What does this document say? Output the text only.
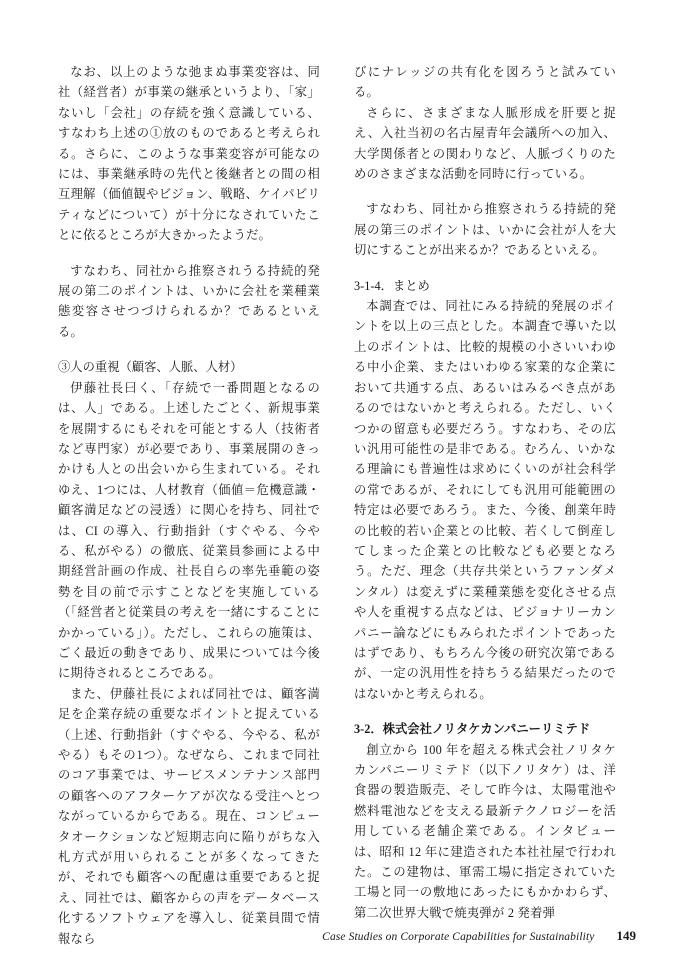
なお、以上のような弛まぬ事業変容は、同社（経営者）が事業の継承というより、「家」ないし「会社」の存続を強く意識している、すなわち上述の①放のものであると考えられる。さらに、このような事業変容が可能なのには、事業継承時の先代と後継者との間の相互理解（価値観やビジョン、戦略、ケイパビリティなどについて）が十分になされていたことに依るところが大きかったようだ。

すなわち、同社から推察されうる持続的発展の第二のポイントは、いかに会社を業種業態変容させつづけられるか？であるといえる。

③人の重視（顧客、人脈、人材）

伊藤社長曰く、「存続で一番問題となるのは、人」である。上述したごとく、新規事業を展開するにもそれを可能とする人（技術者など専門家）が必要であり、事業展開のきっかけも人との出会いから生まれている。それゆえ、1つには、人材教育（価値＝危機意識・顧客満足などの浸透）に関心を持ち、同社では、CI の導入、行動指針（すぐやる、今やる、私がやる）の徹底、従業員参画による中期経営計画の作成、社長自らの率先垂範の姿勢を目の前で示すことなどを実施している（「経営者と従業員の考えを一緒にすることにかかっている」）。ただし、これらの施策は、ごく最近の動きであり、成果については今後に期待されるところである。

また、伊藤社長によれば同社では、顧客満足を企業存続の重要なポイントと捉えている（上述、行動指針（すぐやる、今やる、私がやる）もその1つ）。なぜなら、これまで同社のコア事業では、サービスメンテナンス部門の顧客へのアフターケアが次なる受注へとつながっているからである。現在、コンピュータオークションなど短期志向に陥りがちな入札方式が用いられることが多くなってきたが、それでも顧客への配慮は重要であると捉え、同社では、顧客からの声をデータベース化するソフトウェアを導入し、従業員間で情報なら

びにナレッジの共有化を図ろうと試みている。

さらに、さまざまな人脈形成を肝要と捉え、入社当初の名古屋青年会議所への加入、大学関係者との関わりなど、人脈づくりのためのさまざまな活動を同時に行っている。

すなわち、同社から推察されうる持続的発展の第三のポイントは、いかに会社が人を大切にすることが出来るか？であるといえる。

3-1-4．まとめ

本調査では、同社にみる持続的発展のポイントを以上の三点とした。本調査で導いた以上のポイントは、比較的規模の小さいいわゆる中小企業、またはいわゆる家業的な企業において共通する点、あるいはみるべき点があるのではないかと考えられる。ただし、いくつかの留意も必要だろう。すなわち、その広い汎用可能性の是非である。むろん、いかなる理論にも普遍性は求めにくいのが社会科学の常であるが、それにしても汎用可能範囲の特定は必要であろう。また、今後、創業年時の比較的若い企業との比較、若くして倒産してしまった企業との比較なども必要となろう。ただ、理念（共存共栄というファンダメンタル）は変えずに業種業態を変化させる点や人を重視する点などは、ビジョナリーカンパニー論などにもみられたポイントであったはずであり、もちろん今後の研究次第であるが、一定の汎用性を持ちうる結果だったのではないかと考えられる。

3-2．株式会社ノリタケカンパニーリミテド

創立から 100 年を超える株式会社ノリタケカンパニーリミテド（以下ノリタケ）は、洋食器の製造販売、そして昨今は、太陽電池や燃料電池などを支える最新テクノロジーを活用している老舗企業である。インタビューは、昭和 12 年に建造された本社社屋で行われた。この建物は、軍需工場に指定されていた工場と同一の敷地にあったにもかかわらず、第二次世界大戦で焼夷弾が 2 発着弾

Case Studies on Corporate Capabilities for Sustainability 149
